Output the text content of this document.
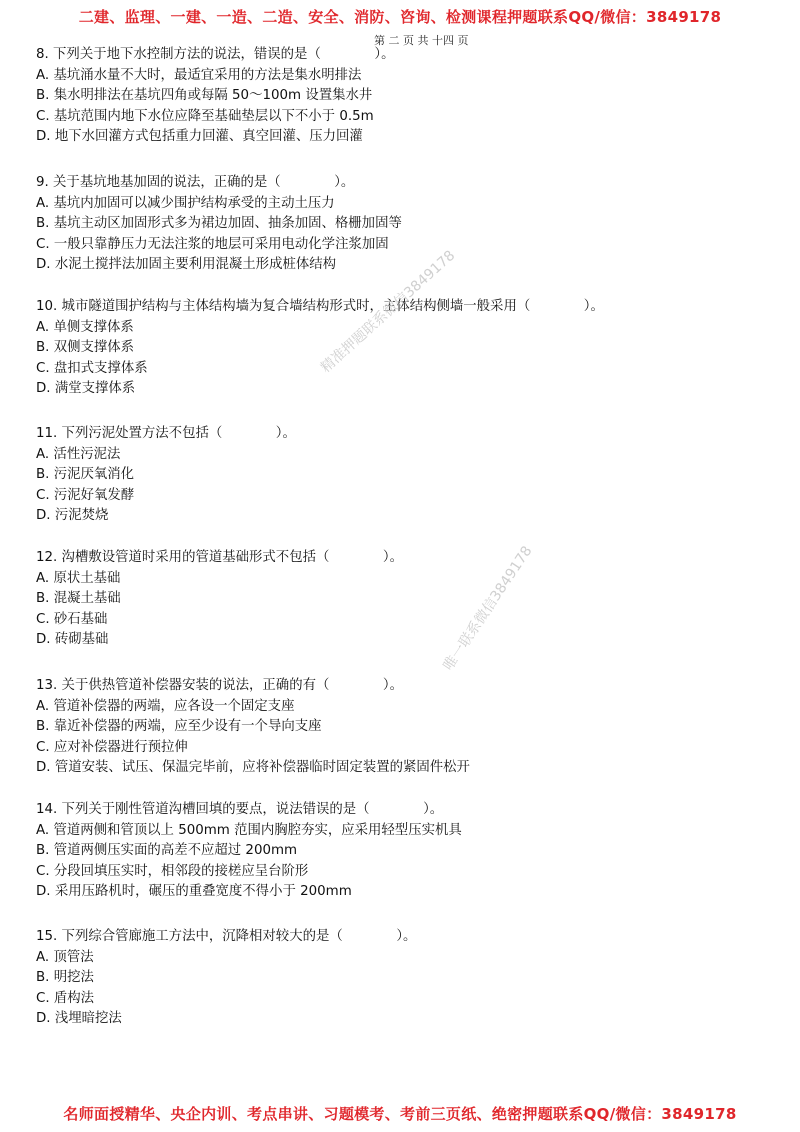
二建、监理、一建、一造、二造、安全、消防、咨询、检测课程押题联系QQ/微信：3849178
第 二 页 共 十四 页
8. 下列关于地下水控制方法的说法，错误的是（　　　　）。
A. 基坑涌水量不大时，最适宜采用的方法是集水明排法
B. 集水明排法在基坑四角或每隔 50～100m 设置集水井
C. 基坑范围内地下水位应降至基础垫层以下不小于 0.5m
D. 地下水回灌方式包括重力回灌、真空回灌、压力回灌
9. 关于基坑地基加固的说法，正确的是（　　　　）。
A. 基坑内加固可以减少围护结构承受的主动土压力
B. 基坑主动区加固形式多为裙边加固、抽条加固、格栅加固等
C. 一般只靠静压力无法注浆的地层可采用电动化学注浆加固
D. 水泥土搅拌法加固主要利用混凝土形成桩体结构
10. 城市隧道围护结构与主体结构墙为复合墙结构形式时，主体结构侧墙一般采用（　　　　）。
A. 单侧支撑体系
B. 双侧支撑体系
C. 盘扣式支撑体系
D. 满堂支撑体系
11. 下列污泥处置方法不包括（　　　　）。
A. 活性污泥法
B. 污泥厌氧消化
C. 污泥好氧发酵
D. 污泥焚烧
12. 沟槽敷设管道时采用的管道基础形式不包括（　　　　）。
A. 原状土基础
B. 混凝土基础
C. 砂石基础
D. 砖砌基础
13. 关于供热管道补偿器安装的说法，正确的有（　　　　）。
A. 管道补偿器的两端，应各设一个固定支座
B. 靠近补偿器的两端，应至少设有一个导向支座
C. 应对补偿器进行预拉伸
D. 管道安装、试压、保温完毕前，应将补偿器临时固定装置的紧固件松开
14. 下列关于刚性管道沟槽回填的要点，说法错误的是（　　　　）。
A. 管道两侧和管顶以上 500mm 范围内胸腔夯实，应采用轻型压实机具
B. 管道两侧压实面的高差不应超过 200mm
C. 分段回填压实时，相邻段的接槎应呈台阶形
D. 采用压路机时，碾压的重叠宽度不得小于 200mm
15. 下列综合管廊施工方法中，沉降相对较大的是（　　　　）。
A. 顶管法
B. 明挖法
C. 盾构法
D. 浅埋暗挖法
精准押题联系微信3849178
唯一联系微信3849178
名师面授精华、央企内训、考点串讲、习题模考、考前三页纸、绝密押题联系QQ/微信：3849178
